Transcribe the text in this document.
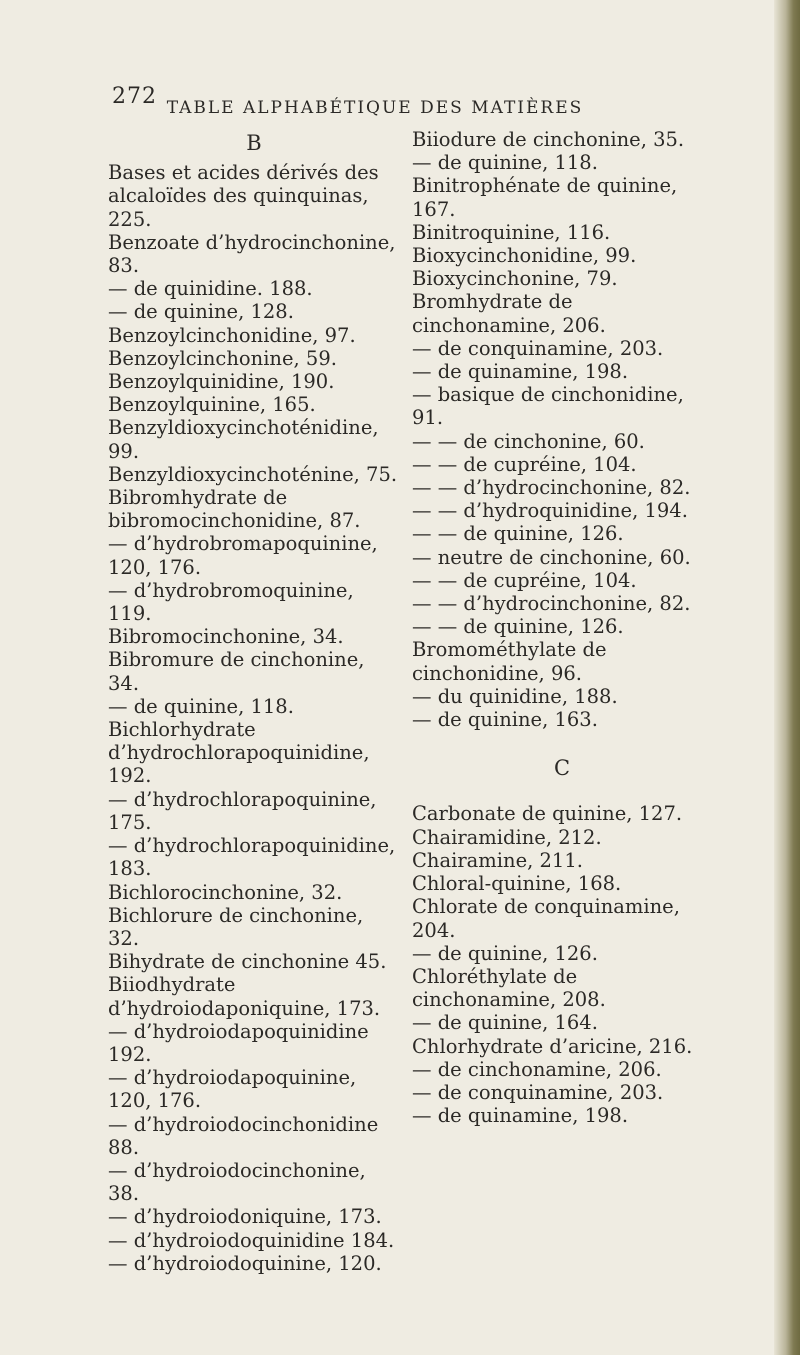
272 TABLE ALPHABÉTIQUE DES MATIÈRES
B
Bases et acides dérivés des alcaloïdes des quinquinas, 225.
Benzoate d’hydrocinchonine, 83.
— de quinidine. 188.
— de quinine, 128.
Benzoylcinchonidine, 97.
Benzoylcinchonine, 59.
Benzoylquinidine, 190.
Benzoylquinine, 165.
Benzyldioxycinchoténidine, 99.
Benzyldioxycinchoténine, 75.
Bibromhydrate de bibromocinchonidine, 87.
— d’hydrobromapoquinine, 120, 176.
— d’hydrobromoquinine, 119.
Bibromocinchonine, 34.
Bibromure de cinchonine, 34.
— de quinine, 118.
Bichlorhydrate d’hydrochlorapoquinidine, 192.
— d’hydrochlorapoquinine, 175.
— d’hydrochlorapoquinidine, 183.
Bichlorocinchonine, 32.
Bichlorure de cinchonine, 32.
Bihydrate de cinchonine 45.
Biiodhydrate d’hydroiodaponiquine, 173.
— d’hydroiodapoquinidine 192.
— d’hydroiodapoquinine, 120, 176.
— d’hydroiodocinchonidine 88.
— d’hydroiodocinchonine, 38.
— d’hydroiodoniquine, 173.
— d’hydroiodoquinidine 184.
— d’hydroiodoquinine, 120.
Biiodure de cinchonine, 35.
— de quinine, 118.
Binitrophénate de quinine, 167.
Binitroquinine, 116.
Bioxycinchonidine, 99.
Bioxycinchonine, 79.
Bromhydrate de cinchonamine, 206.
— de conquinamine, 203.
— de quinamine, 198.
— basique de cinchonidine, 91.
— — de cinchonine, 60.
— — de cupréine, 104.
— — d’hydrocinchonine, 82.
— — d’hydroquinidine, 194.
— — de quinine, 126.
— neutre de cinchonine, 60.
— — de cupréine, 104.
— — d’hydrocinchonine, 82.
— — de quinine, 126.
Bromométhylate de cinchonidine, 96.
— du quinidine, 188.
— de quinine, 163.
C
Carbonate de quinine, 127.
Chairamidine, 212.
Chairamine, 211.
Chloral-quinine, 168.
Chlorate de conquinamine, 204.
— de quinine, 126.
Chloréthylate de cinchonamine, 208.
— de quinine, 164.
Chlorhydrate d’aricine, 216.
— de cinchonamine, 206.
— de conquinamine, 203.
— de quinamine, 198.
